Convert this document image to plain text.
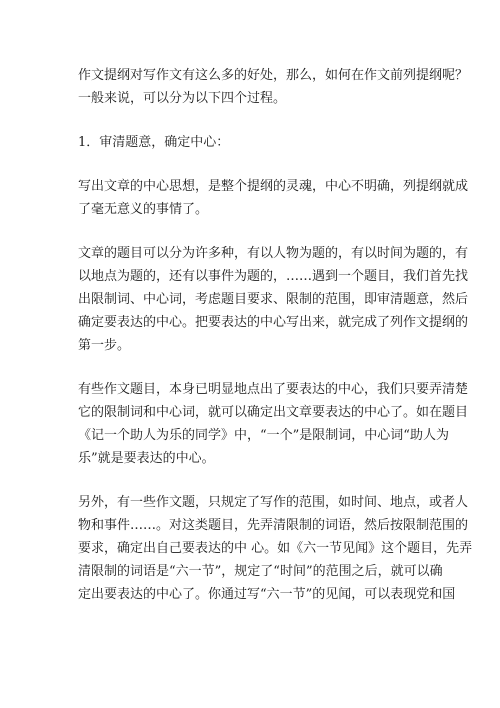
作文提纲对写作文有这么多的好处，那么，如何在作文前列提纲呢？
一般来说，可以分为以下四个过程。

1．审清题意，确定中心：

写出文章的中心思想，是整个提纲的灵魂，中心不明确，列提纲就成
了毫无意义的事情了。

文章的题目可以分为许多种，有以人物为题的，有以时间为题的，有
以地点为题的，还有以事件为题的，……遇到一个题目，我们首先找
出限制词、中心词，考虑题目要求、限制的范围，即审清题意，然后
确定要表达的中心。把要表达的中心写出来，就完成了列作文提纲的
第一步。

有些作文题目，本身已明显地点出了要表达的中心，我们只要弄清楚
它的限制词和中心词，就可以确定出文章要表达的中心了。如在题目
《记一个助人为乐的同学》中，“一个”是限制词，中心词“助人为
乐”就是要表达的中心。

另外，有一些作文题，只规定了写作的范围，如时间、地点，或者人
物和事件……。对这类题目，先弄清限制的词语，然后按限制范围的
要求，确定出自己要表达的中 心。如《六一节见闻》这个题目，先弄
清限制的词语是“六一节”，规定了“时间”的范围之后，就可以确
定出要表达的中心了。你通过写“六一节”的见闻，可以表现党和国
